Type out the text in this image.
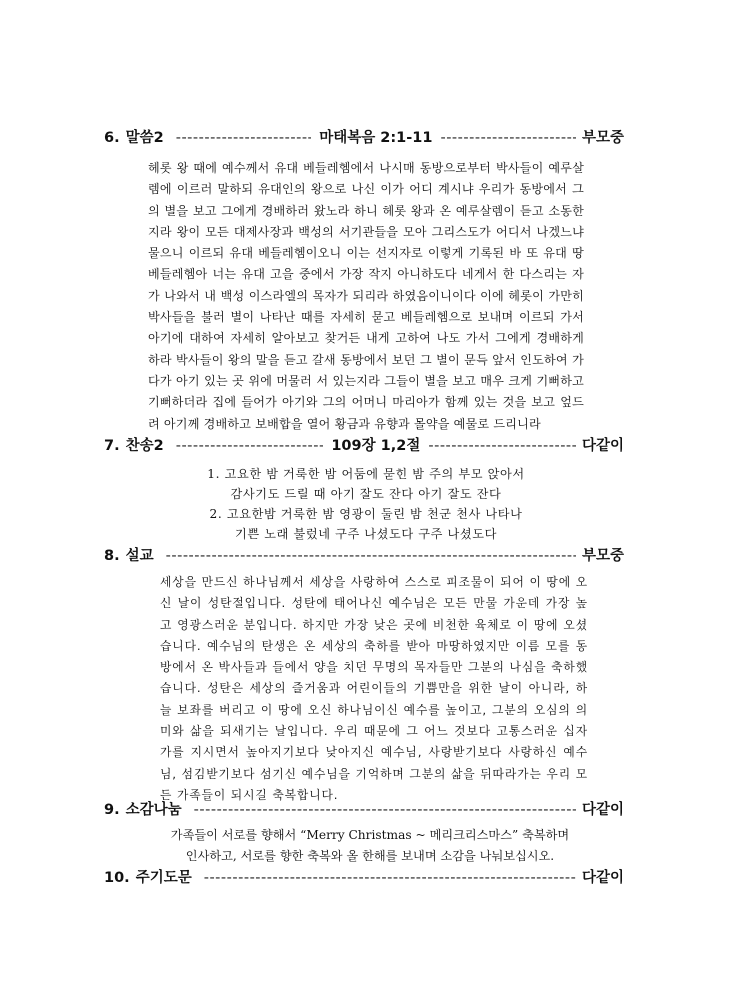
6. 말씀2 -----	마태복음 2:1-11 -----	부모중

헤롯 왕 때에 예수께서 유대 베들레헴에서 나시매 동방으로부터 박사들이 예루살렘에 이르러 말하되 유대인의 왕으로 나신 이가 어디 계시냐 우리가 동방에서 그의 별을 보고 그에게 경배하러 왔노라 하니 헤롯 왕과 온 예루살렘이 듣고 소동한지라 왕이 모든 대제사장과 백성의 서기관들을 모아 그리스도가 어디서 나겠느냐 물으니 이르되 유대 베들레헴이오니 이는 선지자로 이렇게 기록된 바 또 유대 땅 베들레헴아 너는 유대 고을 중에서 가장 작지 아니하도다 네게서 한 다스리는 자가 나와서 내 백성 이스라엘의 목자가 되리라 하였음이니이다 이에 헤롯이 가만히 박사들을 불러 별이 나타난 때를 자세히 묻고 베들레헴으로 보내며 이르되 가서 아기에 대하여 자세히 알아보고 찾거든 내게 고하여 나도 가서 그에게 경배하게 하라 박사들이 왕의 말을 듣고 갈새 동방에서 보던 그 별이 문득 앞서 인도하여 가다가 아기 있는 곳 위에 머물러 서 있는지라 그들이 별을 보고 매우 크게 기뻐하고 기뻐하더라 집에 들어가 아기와 그의 어머니 마리아가 함께 있는 것을 보고 엎드려 아기께 경배하고 보배합을 열어 황금과 유향과 몰약을 예물로 드리니라

7. 찬송2 -----	109장 1,2절 -----	다같이
1. 고요한 밤 거룩한 밤 어둠에 묻힌 밤 주의 부모 앉아서
감사기도 드릴 때 아기 잘도 잔다 아기 잘도 잔다
2. 고요한밤 거룩한 밤 영광이 둘린 밤 천군 천사 나타나
기쁜 노래 불렀네 구주 나셨도다 구주 나셨도다
8. 설교 -----	부모중

세상을 만드신 하나님께서 세상을 사랑하여 스스로 피조물이 되어 이 땅에 오신 날이 성탄절입니다. 성탄에 태어나신 예수님은 모든 만물 가운데 가장 높고 영광스러운 분입니다. 하지만 가장 낮은 곳에 비천한 육체로 이 땅에 오셨습니다. 예수님의 탄생은 온 세상의 축하를 받아 마땅하였지만 이름 모를 동방에서 온 박사들과 들에서 양을 치던 무명의 목자들만 그분의 나심을 축하했습니다. 성탄은 세상의 즐거움과 어린이들의 기쁨만을 위한 날이 아니라, 하늘 보좌를 버리고 이 땅에 오신 하나님이신 예수를 높이고, 그분의 오심의 의미와 삶을 되새기는 날입니다. 우리 때문에 그 어느 것보다 고통스러운 십자가를 지시면서 높아지기보다 낮아지신 예수님, 사랑받기보다 사랑하신 예수님, 섬김받기보다 섬기신 예수님을 기억하며 그분의 삶을 뒤따라가는 우리 모든 가족들이 되시길 축복합니다.

9. 소감나눔 -----	다같이
가족들이 서로를 향해서 “Merry Christmas ~ 메리크리스마스” 축복하며
인사하고, 서로를 향한 축복와 올 한해를 보내며 소감을 나눠보십시오.
10. 주기도문 -----	다같이
